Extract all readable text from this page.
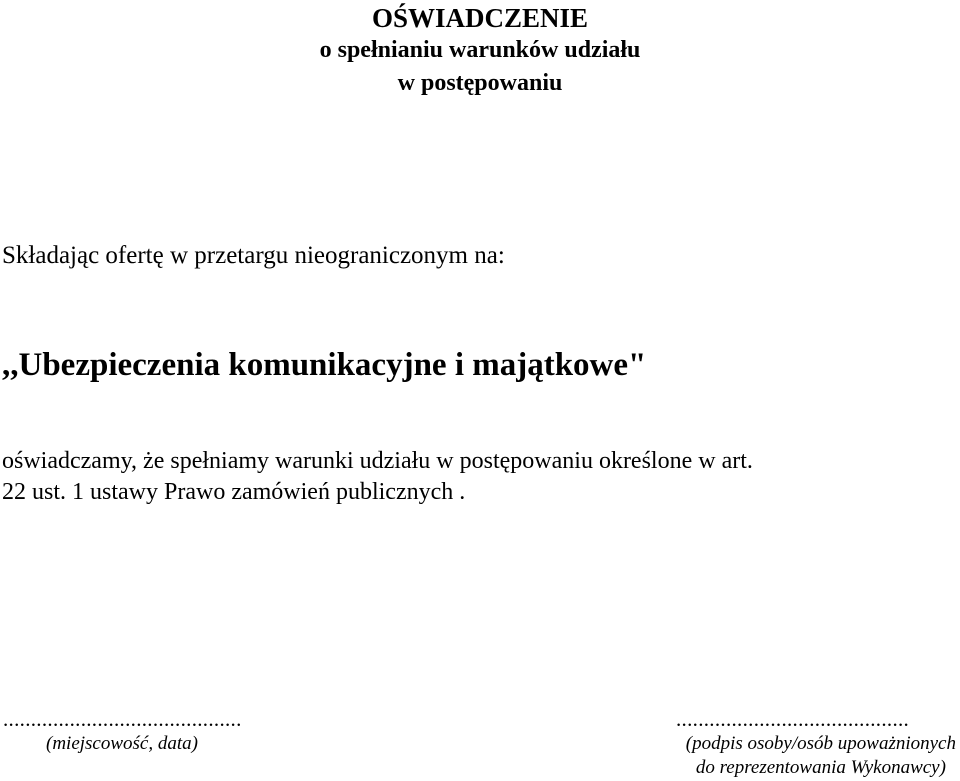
OŚWIADCZENIE
o spełnianiu warunków udziału
w postępowaniu
Składając ofertę w przetargu nieograniczonym na:
,,Ubezpieczenia komunikacyjne i majątkowe"
oświadczamy, że spełniamy warunki udziału w postępowaniu określone w art.
22 ust. 1 ustawy Prawo zamówień publicznych .
...........................................	..........................................
(miejscowość, data)	(podpis osoby/osób upoważnionych
do reprezentowania Wykonawcy)
